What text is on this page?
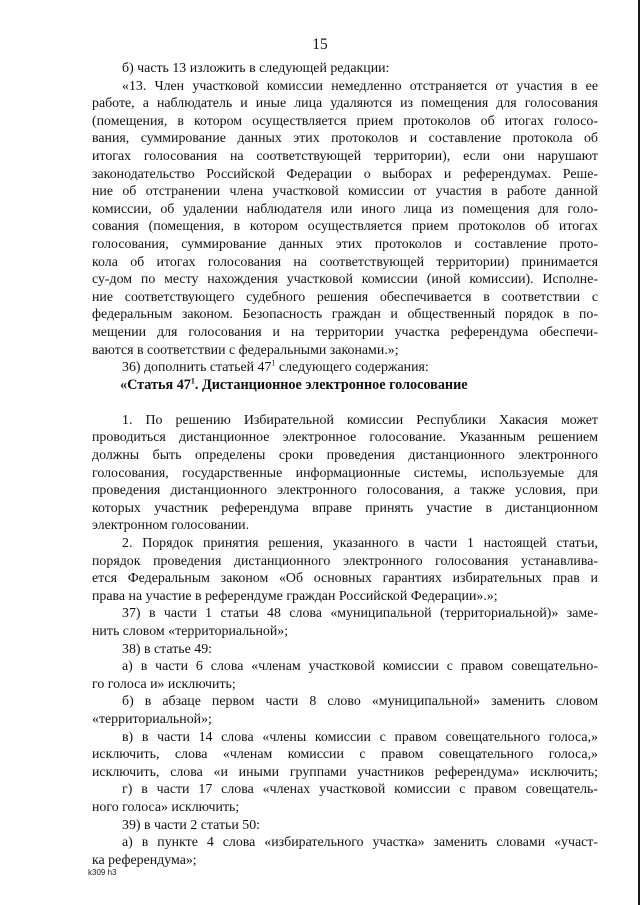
15
б) часть 13 изложить в следующей редакции:
«13. Член участковой комиссии немедленно отстраняется от участия в ее
работе, а наблюдатель и иные лица удаляются из помещения для голосования
(помещения, в котором осуществляется прием протоколов об итогах голосо-
вания, суммирование данных этих протоколов и составление протокола об
итогах голосования на соответствующей территории), если они нарушают
законодательство Российской Федерации о выборах и референдумах. Реше-
ние об отстранении члена участковой комиссии от участия в работе данной
комиссии, об удалении наблюдателя или иного лица из помещения для голо-
сования (помещения, в котором осуществляется прием протоколов об итогах
голосования, суммирование данных этих протоколов и составление прото-
кола об итогах голосования на соответствующей территории) принимается
су-дом по месту нахождения участковой комиссии (иной комиссии). Исполне-
ние соответствующего судебного решения обеспечивается в соответствии с
федеральным законом. Безопасность граждан и общественный порядок в по-
мещении для голосования и на территории участка референдума обеспечи-
ваются в соответствии с федеральными законами.»;
36) дополнить статьей $47^1$ следующего содержания:
«Статья $47^1$. Дистанционное электронное голосование
1. По решению Избирательной комиссии Республики Хакасия может
проводиться дистанционное электронное голосование. Указанным решением
должны быть определены сроки проведения дистанционного электронного
голосования, государственные информационные системы, используемые для
проведения дистанционного электронного голосования, а также условия, при
которых участник референдума вправе принять участие в дистанционном
электронном голосовании.
2. Порядок принятия решения, указанного в части 1 настоящей статьи,
порядок проведения дистанционного электронного голосования устанавлива-
ется Федеральным законом «Об основных гарантиях избирательных прав и
права на участие в референдуме граждан Российской Федерации».»;
37) в части 1 статьи 48 слова «муниципальной (территориальной)» заме-
нить словом «территориальной»;
38) в статье 49:
а) в части 6 слова «членам участковой комиссии с правом совещательно-
го голоса и» исключить;
б) в абзаце первом части 8 слово «муниципальной» заменить словом
«территориальной»;
в) в части 14 слова «члены комиссии с правом совещательного голоса,»
исключить, слова «членам комиссии с правом совещательного голоса,»
исключить, слова «и иными группами участников референдума» исключить;
г) в части 17 слова «членах участковой комиссии с правом совещатель-
ного голоса» исключить;
39) в части 2 статьи 50:
а) в пункте 4 слова «избирательного участка» заменить словами «участ-
ка референдума»;
k309 h3
